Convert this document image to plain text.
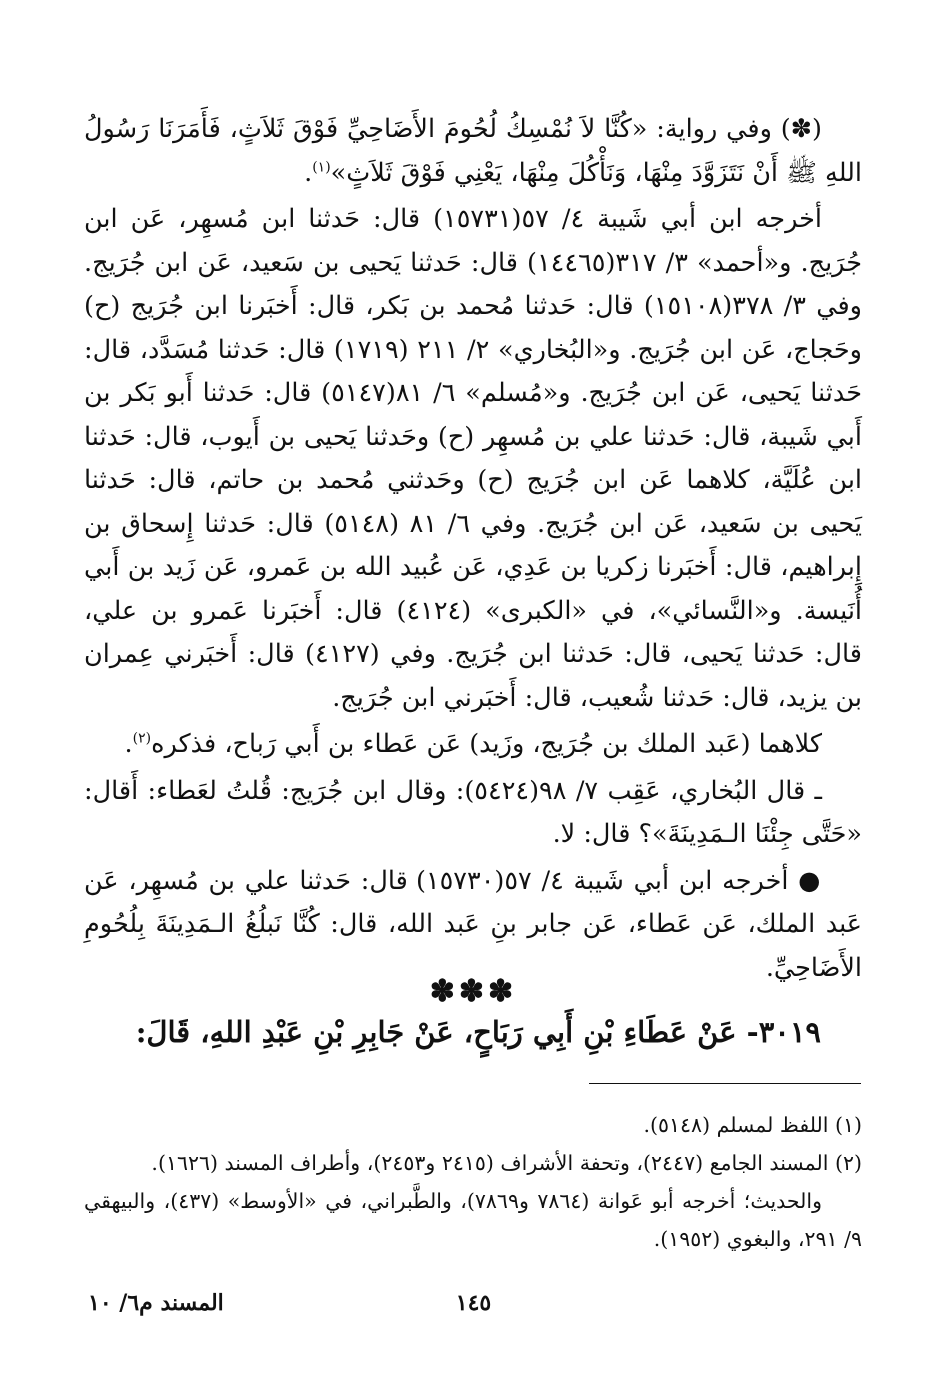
(✽) وفي رواية: «كُنَّا لاَ نُمْسِكُ لُحُومَ الأَضَاحِيِّ فَوْقَ ثَلاَثٍ، فَأَمَرَنَا رَسُولُ اللهِ ﷺ أَنْ نَتَزَوَّدَ مِنْهَا، وَنَأْكُلَ مِنْهَا، يَعْنِي فَوْقَ ثَلاَثٍ»$^{(١)}$.

أخرجه ابن أبي شَيبة ٤/ ٥٧(١٥٧٣١) قال: حَدثنا ابن مُسهِر، عَن ابن جُرَيج. و«أحمد» ٣/ ٣١٧(١٤٤٦٥) قال: حَدثنا يَحيى بن سَعيد، عَن ابن جُرَيج. وفي ٣/ ٣٧٨(١٥١٠٨) قال: حَدثنا مُحمد بن بَكر، قال: أَخبَرنا ابن جُرَيج (ح) وحَجاج، عَن ابن جُرَيج. و«البُخاري» ٢/ ٢١١ (١٧١٩) قال: حَدثنا مُسَدَّد، قال: حَدثنا يَحيى، عَن ابن جُرَيج. و«مُسلم» ٦/ ٨١(٥١٤٧) قال: حَدثنا أَبو بَكر بن أَبي شَيبة، قال: حَدثنا علي بن مُسهِر (ح) وحَدثنا يَحيى بن أَيوب، قال: حَدثنا ابن عُلَيَّة، كلاهما عَن ابن جُرَيج (ح) وحَدثني مُحمد بن حاتم، قال: حَدثنا يَحيى بن سَعيد، عَن ابن جُرَيج. وفي ٦/ ٨١ (٥١٤٨) قال: حَدثنا إِسحاق بن إِبراهيم، قال: أَخبَرنا زكريا بن عَدِي، عَن عُبيد الله بن عَمرو، عَن زَيد بن أَبي أُنَيسة. و«النَّسائي»، في «الكبرى» (٤١٢٤) قال: أَخبَرنا عَمرو بن علي، قال: حَدثنا يَحيى، قال: حَدثنا ابن جُرَيج. وفي (٤١٢٧) قال: أَخبَرني عِمران بن يزيد، قال: حَدثنا شُعيب، قال: أَخبَرني ابن جُرَيج.

كلاهما (عَبد الملك بن جُرَيج، وزَيد) عَن عَطاء بن أَبي رَباح، فذكره$^{(٢)}$.

ـ قال البُخاري، عَقِب ٧/ ٩٨(٥٤٢٤): وقال ابن جُرَيج: قُلتُ لعَطاء: أَقال: «حَتَّى جِئْنَا الـمَدِينَةَ»؟ قال: لا.

● أخرجه ابن أبي شَيبة ٤/ ٥٧(١٥٧٣٠) قال: حَدثنا علي بن مُسهِر، عَن عَبد الملك، عَن عَطاء، عَن جابر بنِ عَبد الله، قال: كُنَّا نَبلُغُ الـمَدِينَةَ بِلُحُومِ الأَضَاحِيِّ.

✽✽✽
٣٠١٩- عَنْ عَطَاءِ بْنِ أَبِي رَبَاحٍ، عَنْ جَابِرِ بْنِ عَبْدِ اللهِ، قَالَ:

(١) اللفظ لمسلم (٥١٤٨).

(٢) المسند الجامع (٢٤٤٧)، وتحفة الأشراف (٢٤١٥ و٢٤٥٣)، وأطراف المسند (١٦٢٦).

والحديث؛ أخرجه أبو عَوانة (٧٨٦٤ و٧٨٦٩)، والطَّبراني، في «الأوسط» (٤٣٧)، والبيهقي ٩/ ٢٩١، والبغوي (١٩٥٢).

١٤٥
المسند م٦/ ١٠
